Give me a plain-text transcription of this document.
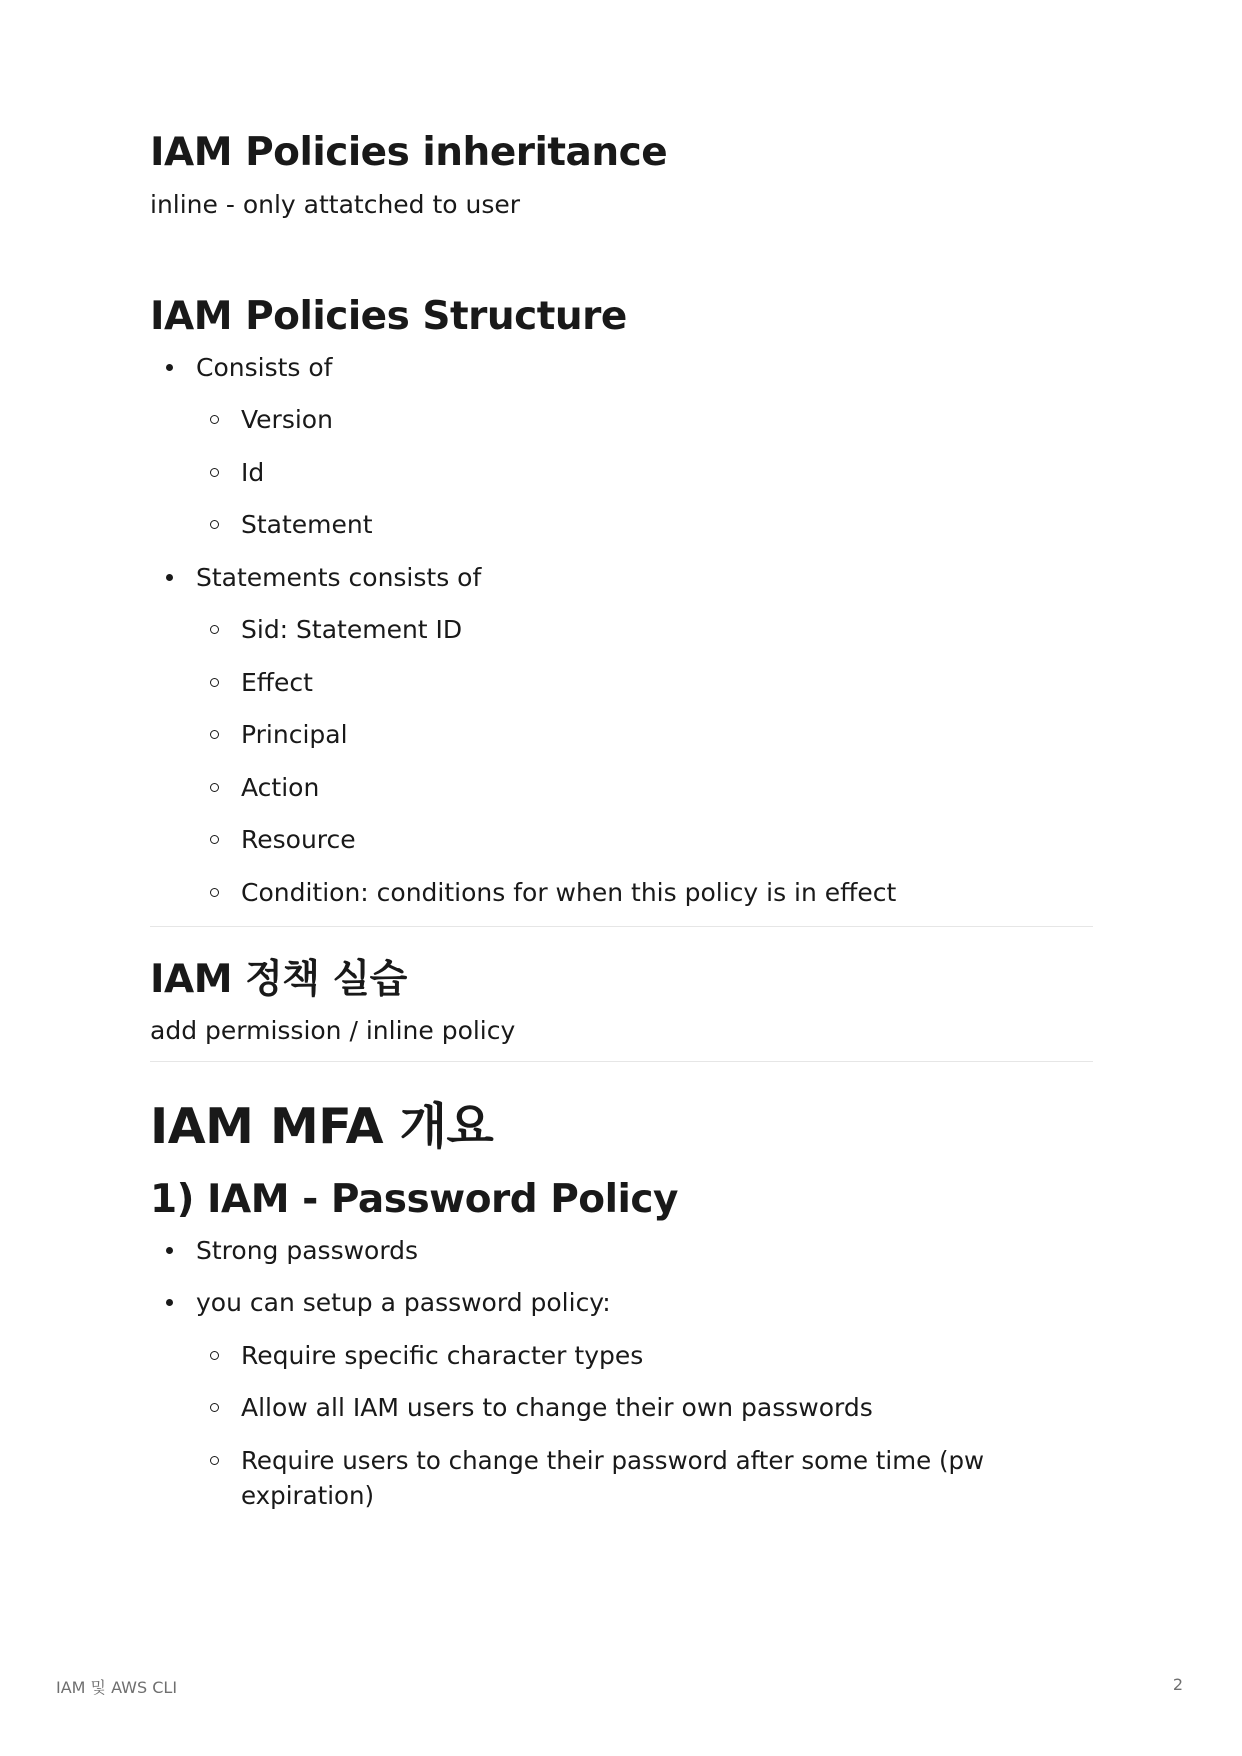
IAM Policies inheritance

inline - only attatched to user

IAM Policies Structure
Consists of
Version
Id
Statement
Statements consists of
Sid: Statement ID
Effect
Principal
Action
Resource
Condition: conditions for when this policy is in effect
IAM 정책 실습

add permission / inline policy

IAM MFA 개요
1) IAM - Password Policy
Strong passwords
you can setup a password policy:
Require specific character types
Allow all IAM users to change their own passwords
Require users to change their password after some time (pw expiration)
IAM 및 AWS CLI	2
